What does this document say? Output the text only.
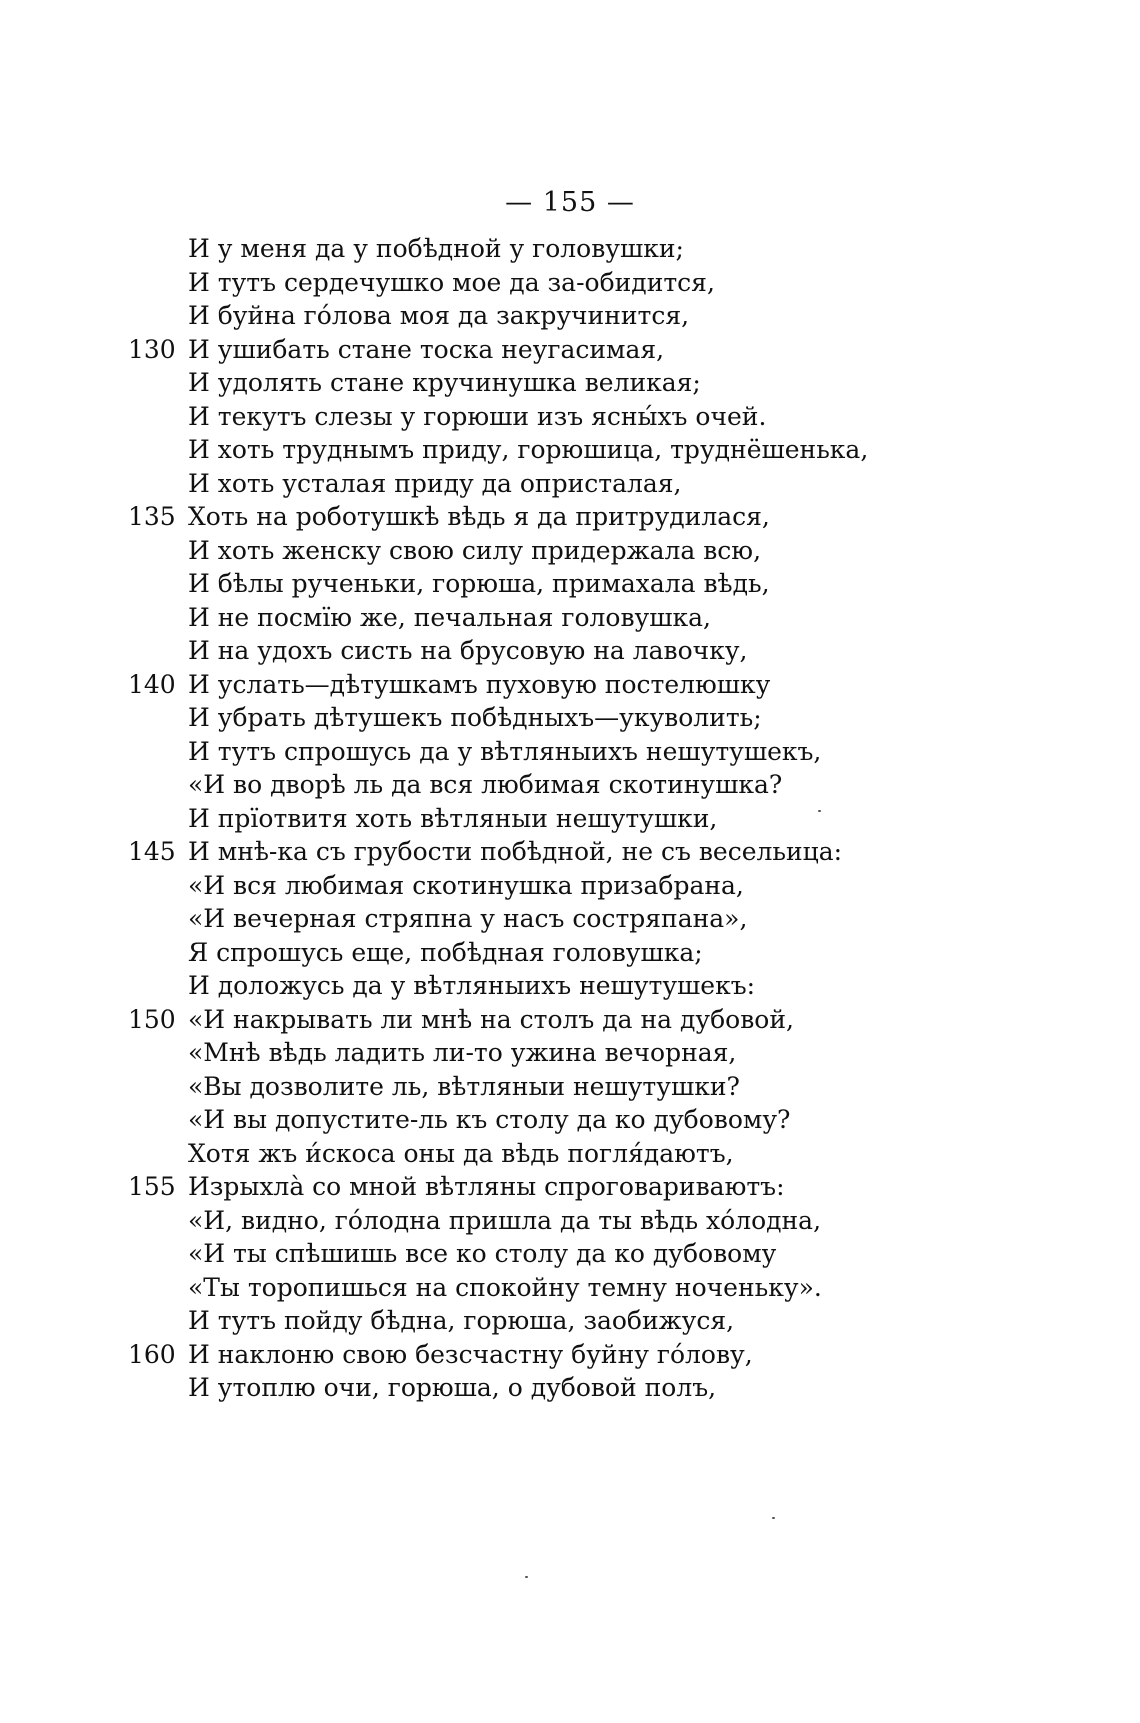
— 155 —
И у меня да у побѣдной у головушки;
И тутъ сердечушко мое да за-обидится,
И буйна го́лова моя да закручинится,
130 И ушибать стане тоска неугасимая,
И удолять стане кручинушка великая;
И текутъ слезы у горюши изъ ясны́хъ очей.
И хоть труднымъ приду, горюшица, труднёшенька,
И хоть усталая приду да опристалая,
135 Хоть на роботушкѣ вѣдь я да притрудилася,
И хоть женску свою силу придержала всю,
И бѣлы рученьки, горюша, примахала вѣдь,
И не посмїю же, печальная головушка,
И на удохъ систь на брусовую на лавочку,
140 И услать—дѣтушкамъ пуховую постелюшку
И убрать дѣтушекъ побѣдныхъ—укуволить;
И тутъ спрошусь да у вѣтляныихъ нешутушекъ,
«И во дворѣ ль да вся любимая скотинушка?
И прїотвитя хоть вѣтляныи нешутушки,
145 И мнѣ-ка съ грубости побѣдной, не съ весельица:
«И вся любимая скотинушка призабрана,
«И вечерная стряпна у насъ состряпана»,
Я спрошусь еще, побѣдная головушка;
И доложусь да у вѣтляныихъ нешутушекъ:
150 «И накрывать ли мнѣ на столъ да на дубовой,
«Мнѣ вѣдь ладить ли-то ужина вечорная,
«Вы дозволите ль, вѣтляныи нешутушки?
«И вы допустите-ль къ столу да ко дубовому?
Хотя жъ и́скоса оны да вѣдь погля́даютъ,
155 Изрыхла̀ со мной вѣтляны спроговариваютъ:
«И, видно, го́лодна пришла да ты вѣдь хо́лодна,
«И ты спѣшишь все ко столу да ко дубовому
«Ты торопишься на спокойну темну ноченьку».
И тутъ пойду бѣдна, горюша, заобижуся,
160 И наклоню свою безсчастну буйну го́лову,
И утоплю очи, горюша, о дубовой полъ,
